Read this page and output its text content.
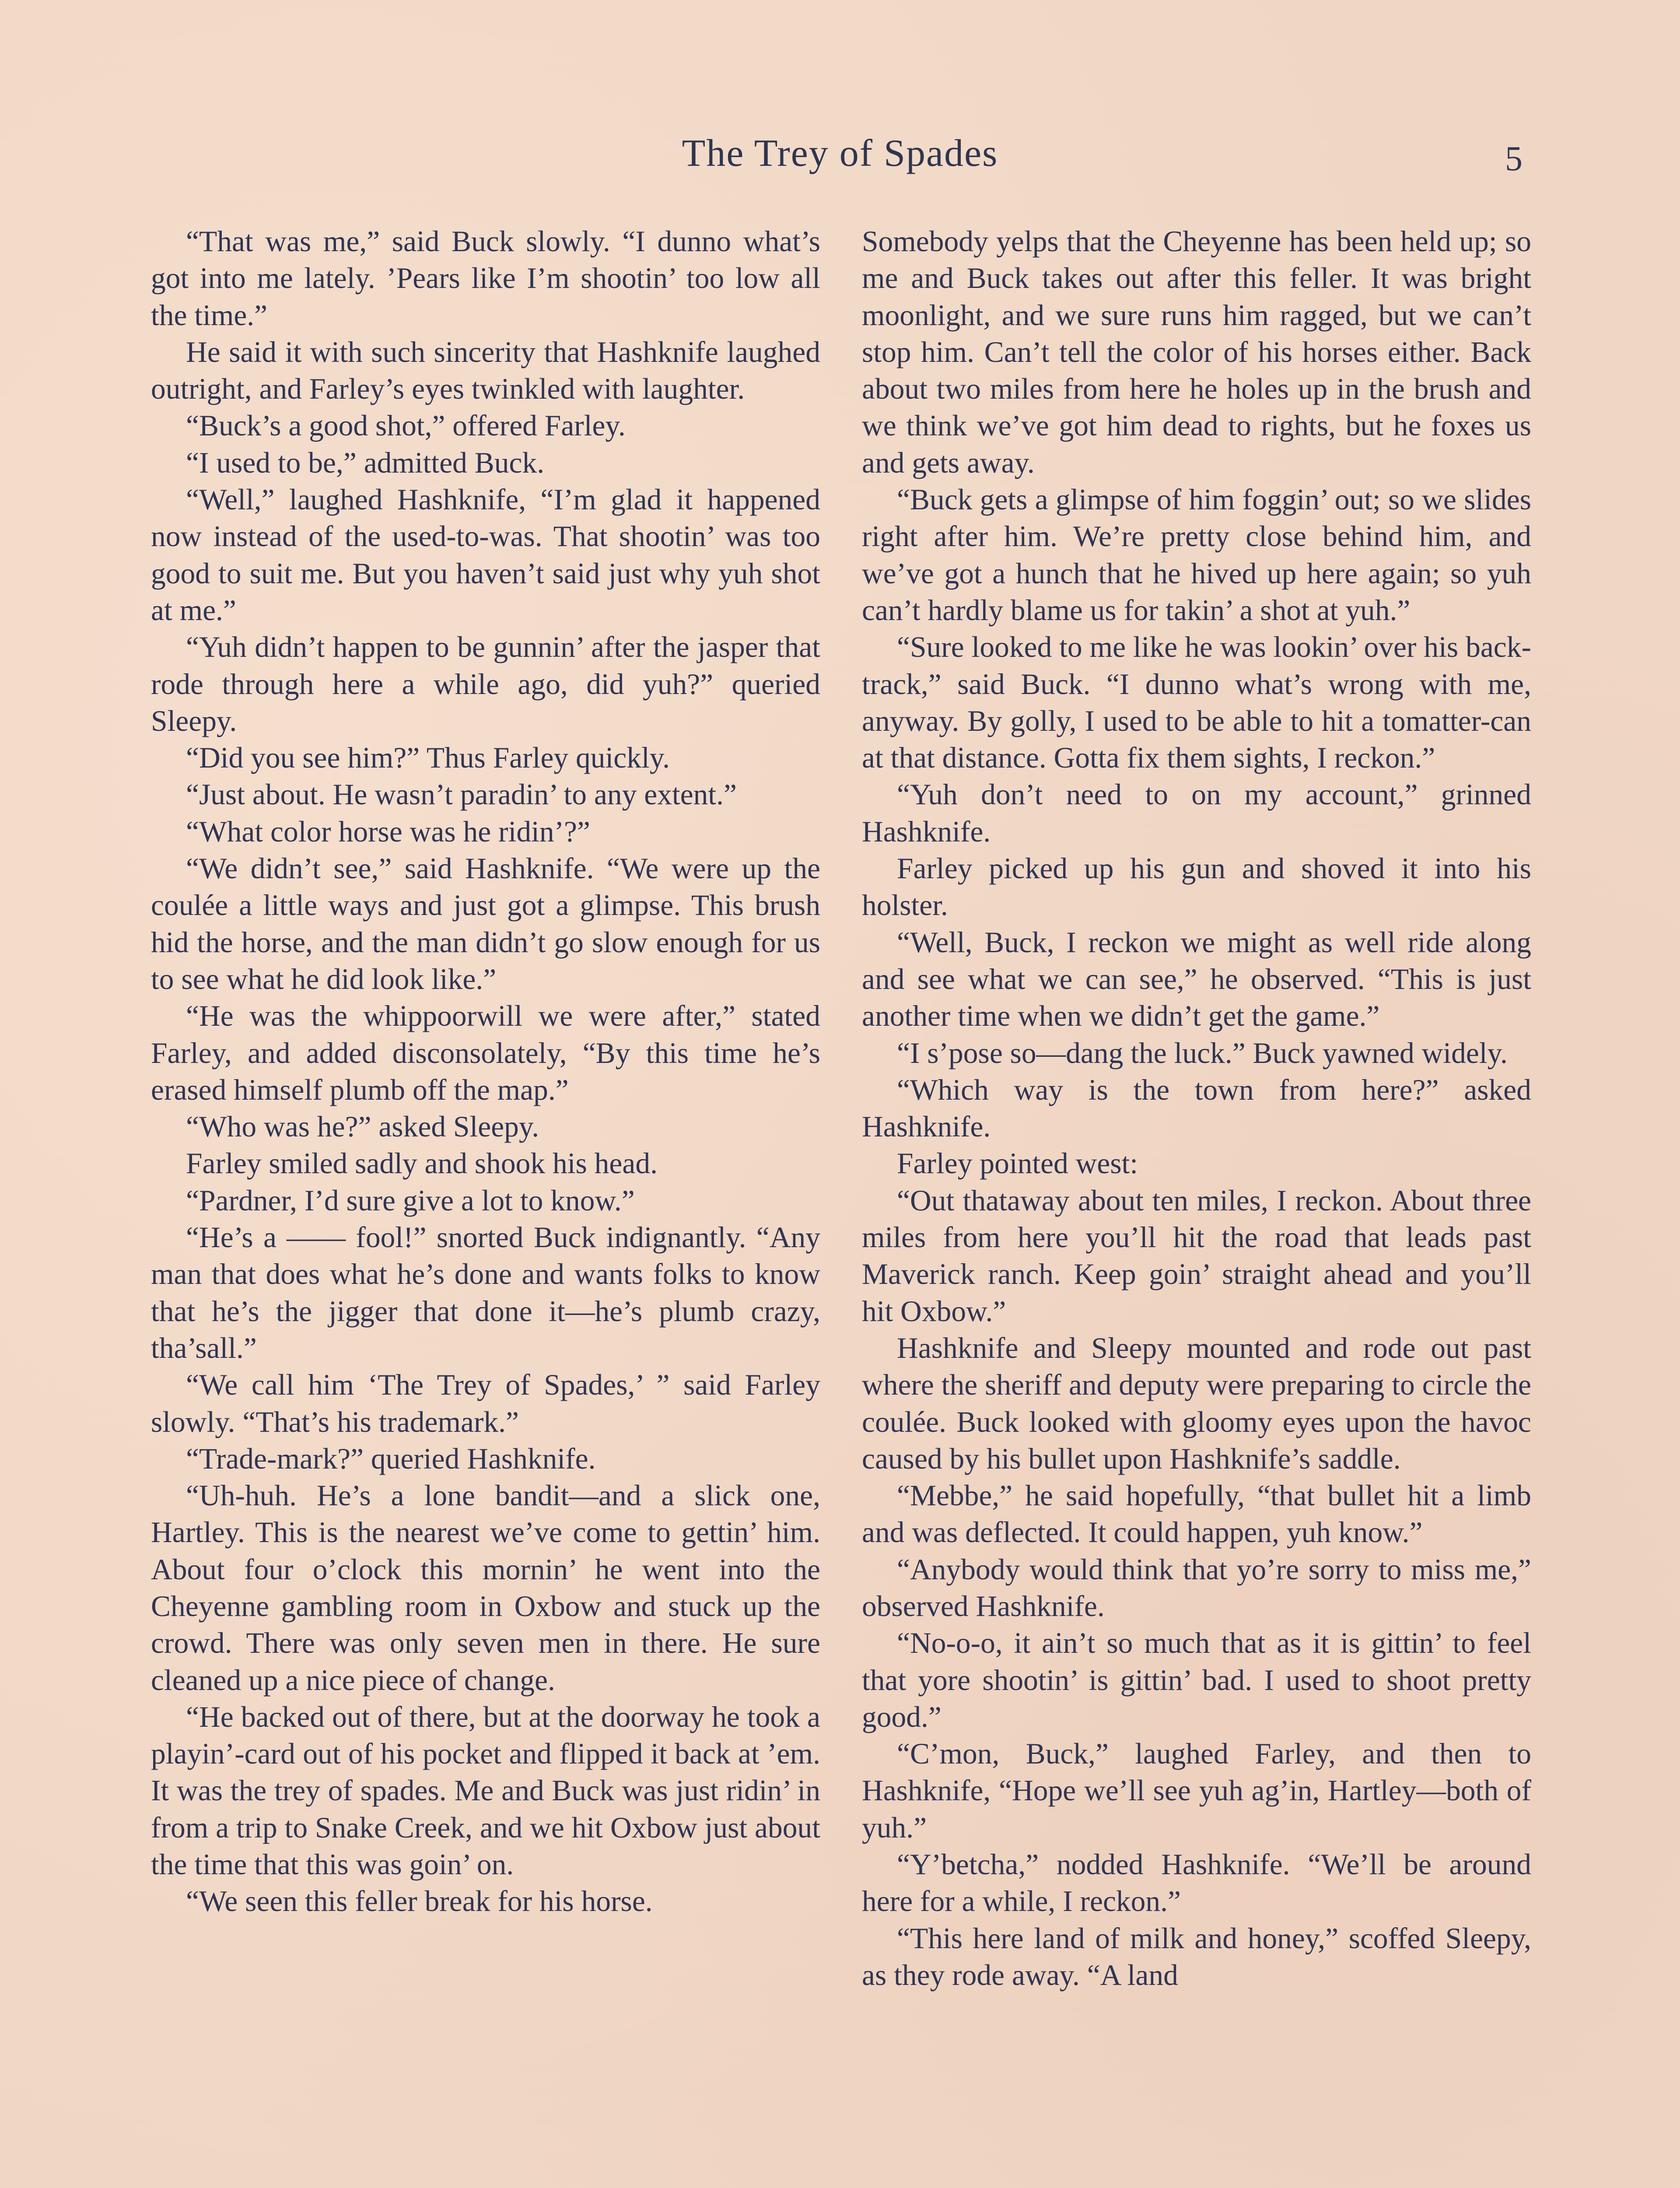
The Trey of Spades	5

“That was me,” said Buck slowly. “I dunno what’s got into me lately. ’Pears like I’m shootin’ too low all the time.”

He said it with such sincerity that Hashknife laughed outright, and Farley’s eyes twinkled with laughter.

“Buck’s a good shot,” offered Farley.

“I used to be,” admitted Buck.

“Well,” laughed Hashknife, “I’m glad it happened now instead of the used-to-was. That shootin’ was too good to suit me. But you haven’t said just why yuh shot at me.”

“Yuh didn’t happen to be gunnin’ after the jasper that rode through here a while ago, did yuh?” queried Sleepy.

“Did you see him?” Thus Farley quickly.

“Just about. He wasn’t paradin’ to any extent.”

“What color horse was he ridin’?”

“We didn’t see,” said Hashknife. “We were up the coulée a little ways and just got a glimpse. This brush hid the horse, and the man didn’t go slow enough for us to see what he did look like.”

“He was the whippoorwill we were after,” stated Farley, and added disconsolately, “By this time he’s erased himself plumb off the map.”

“Who was he?” asked Sleepy.

Farley smiled sadly and shook his head.

“Pardner, I’d sure give a lot to know.”

“He’s a —— fool!” snorted Buck indignantly. “Any man that does what he’s done and wants folks to know that he’s the jigger that done it—he’s plumb crazy, tha’sall.”

“We call him ‘The Trey of Spades,’ ” said Farley slowly. “That’s his trademark.”

“Trade-mark?” queried Hashknife.

“Uh-huh. He’s a lone bandit—and a slick one, Hartley. This is the nearest we’ve come to gettin’ him. About four o’clock this mornin’ he went into the Cheyenne gambling room in Oxbow and stuck up the crowd. There was only seven men in there. He sure cleaned up a nice piece of change.

“He backed out of there, but at the doorway he took a playin’-card out of his pocket and flipped it back at ’em. It was the trey of spades. Me and Buck was just ridin’ in from a trip to Snake Creek, and we hit Oxbow just about the time that this was goin’ on.

“We seen this feller break for his horse.

Somebody yelps that the Cheyenne has been held up; so me and Buck takes out after this feller. It was bright moonlight, and we sure runs him ragged, but we can’t stop him. Can’t tell the color of his horses either. Back about two miles from here he holes up in the brush and we think we’ve got him dead to rights, but he foxes us and gets away.

“Buck gets a glimpse of him foggin’ out; so we slides right after him. We’re pretty close behind him, and we’ve got a hunch that he hived up here again; so yuh can’t hardly blame us for takin’ a shot at yuh.”

“Sure looked to me like he was lookin’ over his back-track,” said Buck. “I dunno what’s wrong with me, anyway. By golly, I used to be able to hit a tomatter-can at that distance. Gotta fix them sights, I reckon.”

“Yuh don’t need to on my account,” grinned Hashknife.

Farley picked up his gun and shoved it into his holster.

“Well, Buck, I reckon we might as well ride along and see what we can see,” he observed. “This is just another time when we didn’t get the game.”

“I s’pose so—dang the luck.” Buck yawned widely.

“Which way is the town from here?” asked Hashknife.

Farley pointed west:

“Out thataway about ten miles, I reckon. About three miles from here you’ll hit the road that leads past Maverick ranch. Keep goin’ straight ahead and you’ll hit Oxbow.”

Hashknife and Sleepy mounted and rode out past where the sheriff and deputy were preparing to circle the coulée. Buck looked with gloomy eyes upon the havoc caused by his bullet upon Hashknife’s saddle.

“Mebbe,” he said hopefully, “that bullet hit a limb and was deflected. It could happen, yuh know.”

“Anybody would think that yo’re sorry to miss me,” observed Hashknife.

“No-o-o, it ain’t so much that as it is gittin’ to feel that yore shootin’ is gittin’ bad. I used to shoot pretty good.”

“C’mon, Buck,” laughed Farley, and then to Hashknife, “Hope we’ll see yuh ag’in, Hartley—both of yuh.”

“Y’betcha,” nodded Hashknife. “We’ll be around here for a while, I reckon.”

“This here land of milk and honey,” scoffed Sleepy, as they rode away. “A land
